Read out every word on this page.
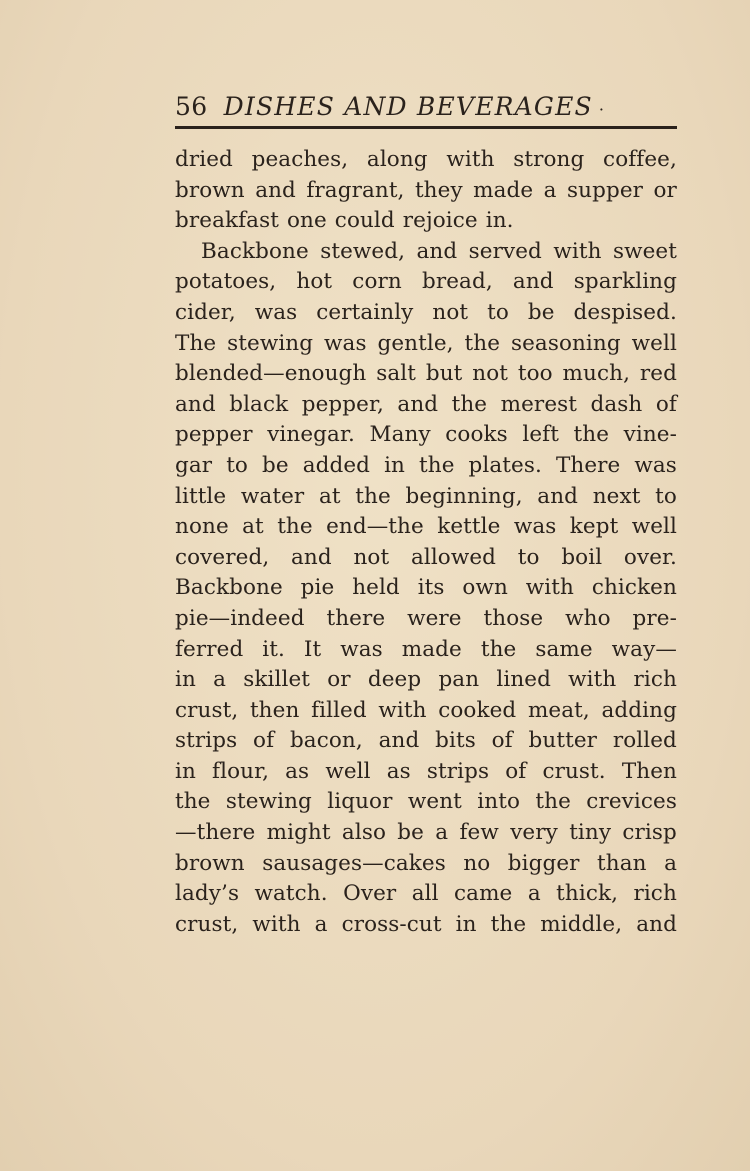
56 DISHES AND BEVERAGES ·
dried peaches, along with strong coffee,
brown and fragrant, they made a supper or
breakfast one could rejoice in.
Backbone stewed, and served with sweet
potatoes, hot corn bread, and sparkling
cider, was certainly not to be despised.
The stewing was gentle, the seasoning well
blended—enough salt but not too much, red
and black pepper, and the merest dash of
pepper vinegar. Many cooks left the vine-
gar to be added in the plates. There was
little water at the beginning, and next to
none at the end—the kettle was kept well
covered, and not allowed to boil over.
Backbone pie held its own with chicken
pie—indeed there were those who pre-
ferred it. It was made the same way—
in a skillet or deep pan lined with rich
crust, then filled with cooked meat, adding
strips of bacon, and bits of butter rolled
in flour, as well as strips of crust. Then
the stewing liquor went into the crevices
—there might also be a few very tiny crisp
brown sausages—cakes no bigger than a
lady’s watch. Over all came a thick, rich
crust, with a cross-cut in the middle, and
